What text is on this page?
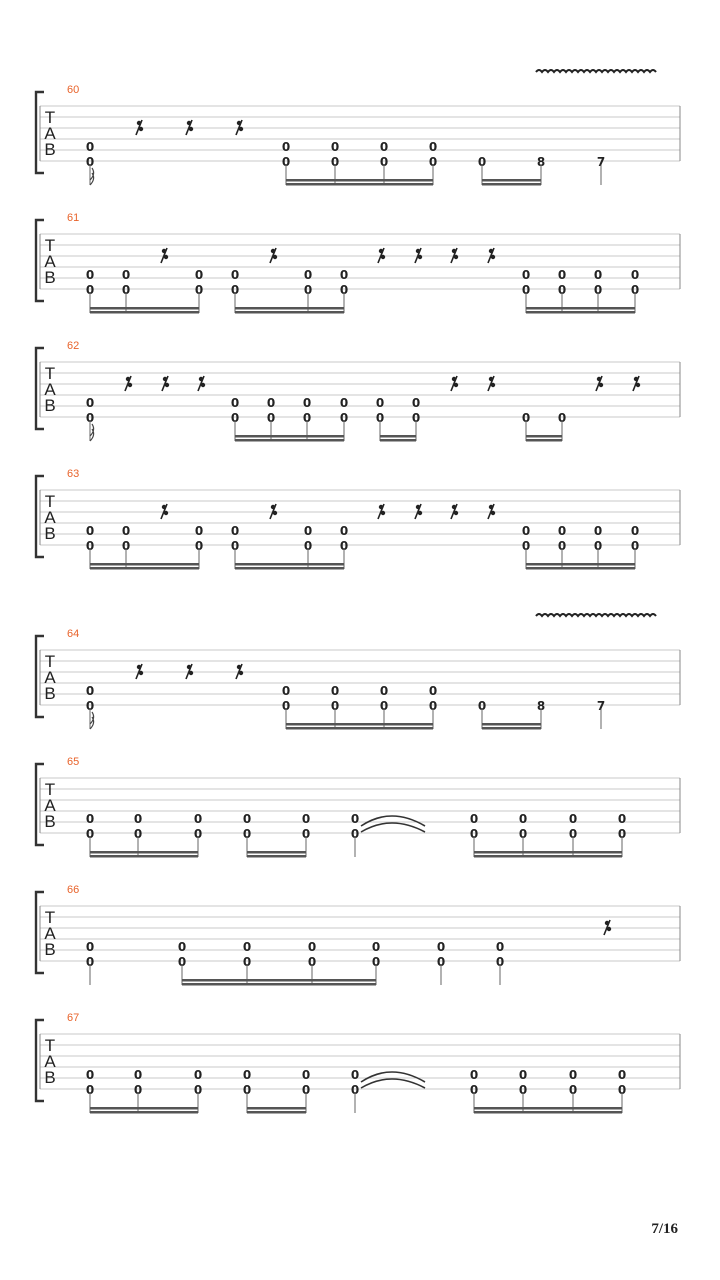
T
A
B
60
0
0
0
0
0
0
0
0
0
0	0	8	7
T
A
B
61
0
0
0
0
0
0
0
0
0
0
0
0
0
0
0
0
0
0
0
0
T
A
B
62
0
0
0
0
0
0
0
0
0
0
0
0
0
0	0 0
T
A
B
63
0
0
0
0
0
0
0
0
0
0
0
0
0
0
0
0
0
0
0
0
T
A
B
64
0
0
0
0
0
0
0
0
0
0	0	8	7
T
A
B
65
0
0
0
0
0
0
0
0
0
0
0
0
0
0
0
0
0
0
0
0
T
A
B
66
0
0
0
0
0
0
0
0
0
0
0
0
0
0
T
A
B
67
0
0
0
0
0
0
0
0
0
0
0
0
0
0
0
0
0
0
0
0
7/16
